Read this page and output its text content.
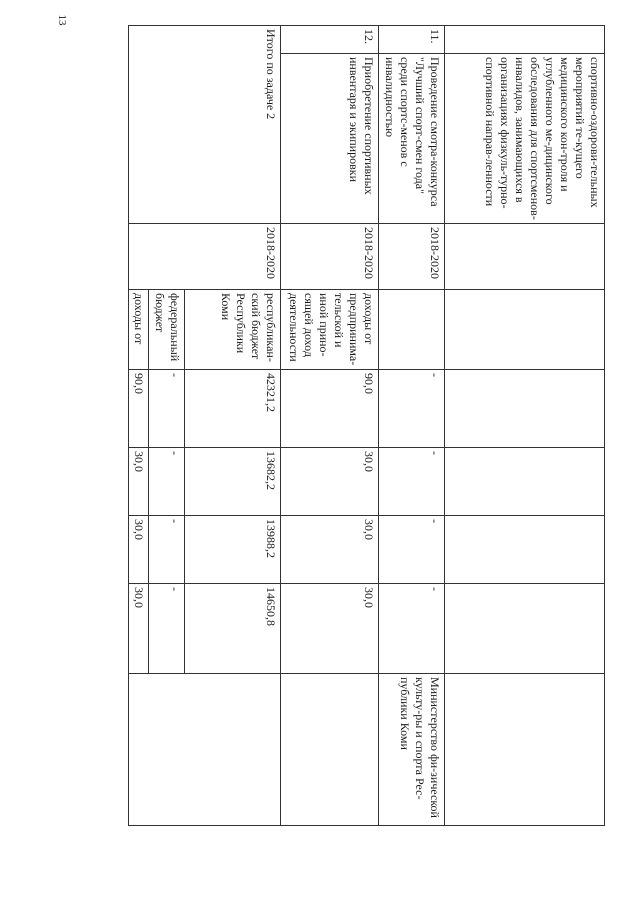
13
	спортивно-оздорови-тельных мероприятий те-кущего медицинского кон-троля и углубленного ме-дицинского обследования для спортсменов-инвалидов, занимающихся в организациях физкуль-турно-спортивной направ-ленности							
11.	Проведение смотра-конкурса "Лучший спорт-смен года" среди спортс-менов с инвалидностью	2018-2020		-	-	-	-	Министерство фи-зической культу-ры и спорта Рес-публики Коми
12.	Приобретение спортивных инвентаря и экипировки	2018-2020	доходы от предпринима-тельской и иной прино-сящей доход деятельности	90,0	30,0	30,0	30,0	
Итого по задаче 2		2018-2020	республикан-ский бюджет Республики Коми	42321,2	13682,2	13988,2	14650,8	
			федеральный бюджет	-	-	-	-	
			доходы от	90,0	30,0	30,0	30,0	
